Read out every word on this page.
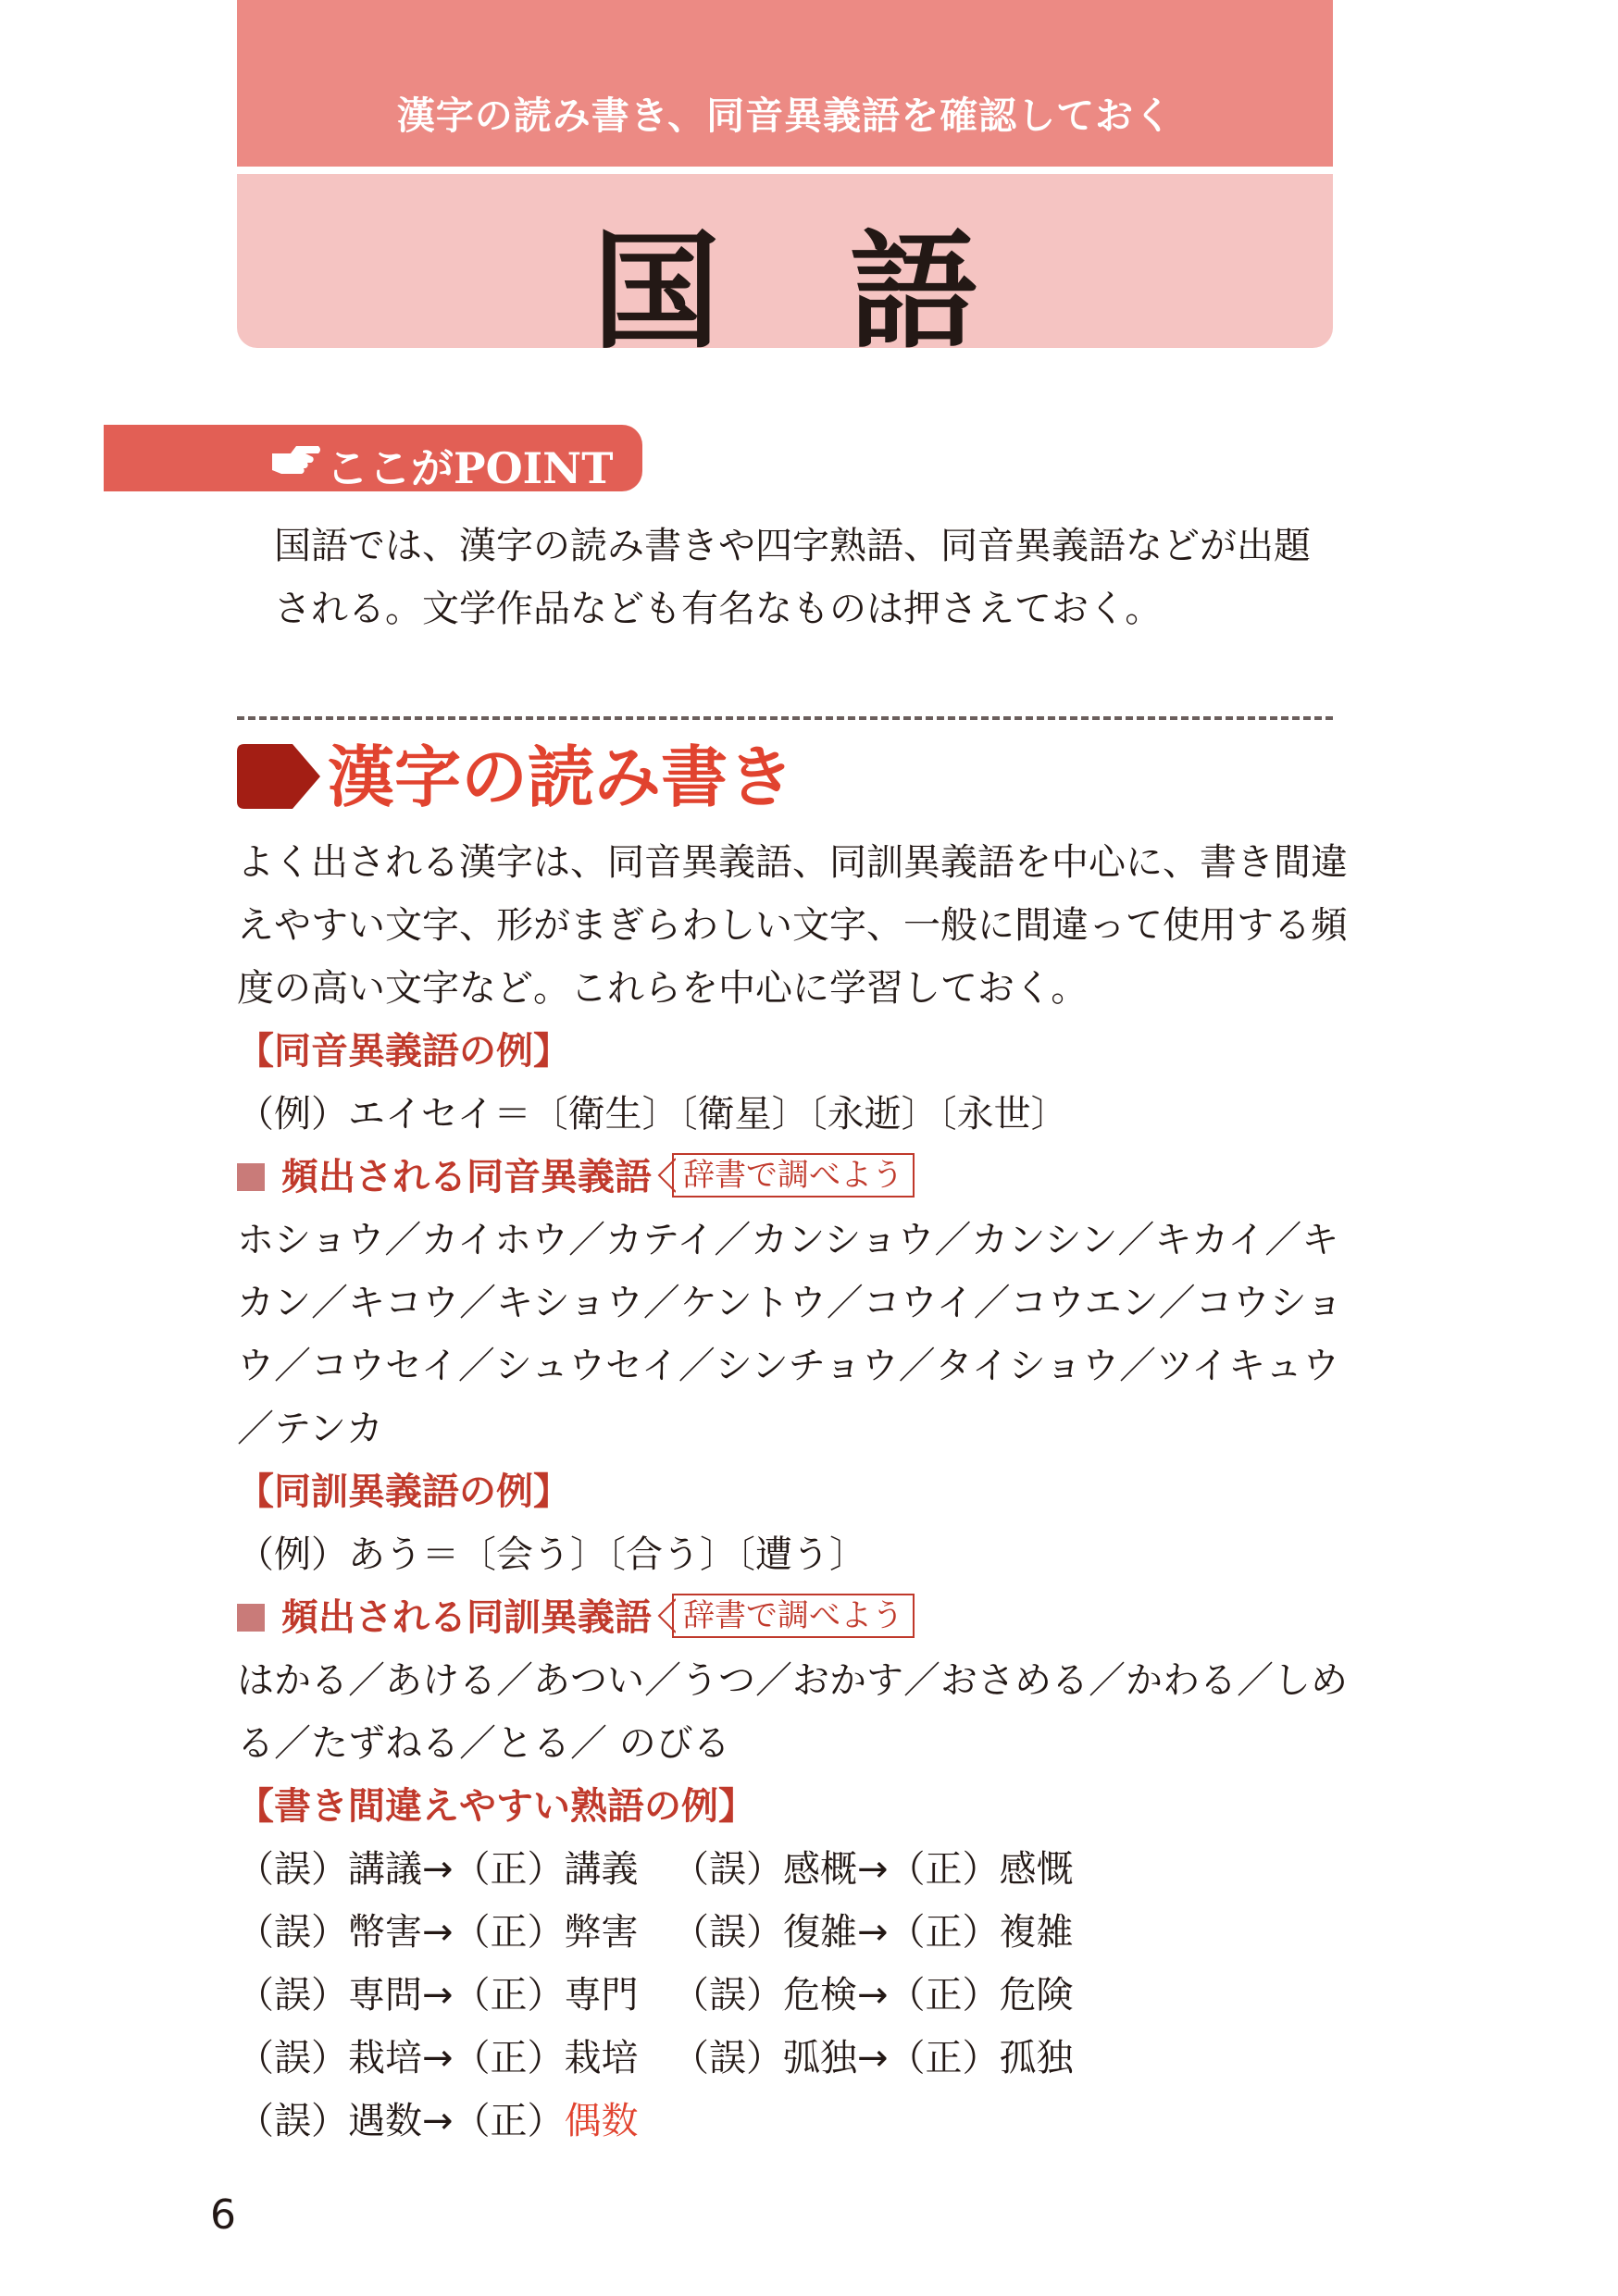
漢字の読み書き、同音異義語を確認しておく
国語
ここがPOINT
国語では、漢字の読み書きや四字熟語、同音異義語などが出題
される。文学作品なども有名なものは押さえておく。
漢字の読み書き
よく出される漢字は、同音異義語、同訓異義語を中心に、書き間違
えやすい文字、形がまぎらわしい文字、一般に間違って使用する頻
度の高い文字など。これらを中心に学習しておく。
【同音異義語の例】
（例）エイセイ＝〔衛生〕〔衛星〕〔永逝〕〔永世〕
頻出される同音異義語 辞書で調べよう
ホショウ／カイホウ／カテイ／カンショウ／カンシン／キカイ／キ
カン／キコウ／キショウ／ケントウ／コウイ／コウエン／コウショ
ウ／コウセイ／シュウセイ／シンチョウ／タイショウ／ツイキュウ
／テンカ
【同訓異義語の例】
（例）あう＝〔会う〕〔合う〕〔遭う〕
頻出される同訓異義語 辞書で調べよう
はかる／あける／あつい／うつ／おかす／おさめる／かわる／しめ
る／たずねる／とる／ のびる
【書き間違えやすい熟語の例】
（誤）講議→（正）講義 （誤）感概→（正）感慨
（誤）幣害→（正）弊害 （誤）復雑→（正）複雑
（誤）専問→（正）専門 （誤）危検→（正）危険
（誤）栽培→（正）栽培 （誤）弧独→（正）孤独
（誤）遇数→（正）偶数
6
